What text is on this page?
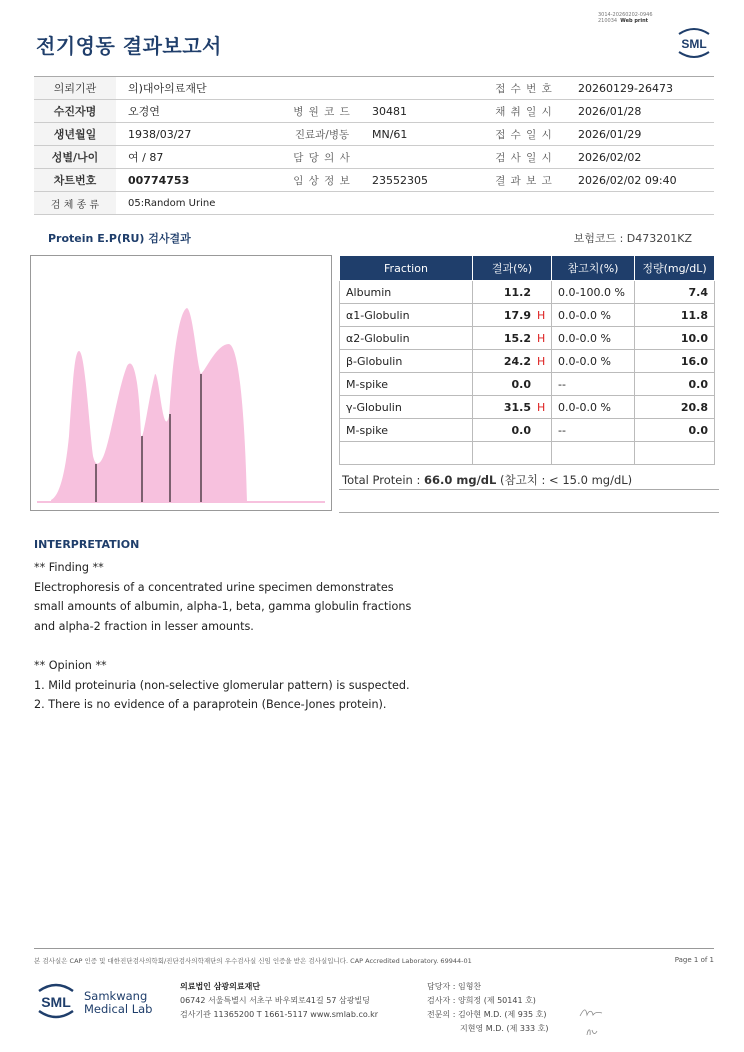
전기영동 결과보고서
3014-20260202-0946
210034 Web print
SML
의뢰기관	의)대아의료재단			접 수 번 호	20260129-26473
수진자명	오경연	병 원 코 드	30481	채 취 일 시	2026/01/28
생년월일	1938/03/27	진료과/병동	MN/61	접 수 일 시	2026/01/29
성별/나이	여 / 87	담 당 의 사		검 사 일 시	2026/02/02
차트번호	00774753	임 상 정 보	23552305	결 과 보 고	2026/02/02 09:40
검 체 종 류	05:Random Urine				
Protein E.P(RU) 검사결과	보험코드 : D473201KZ
Fraction	결과(%)	참고치(%)	정량(mg/dL)
Albumin	11.2	0.0-100.0 %	7.4
α1-Globulin	17.9 H	0.0-0.0 %	11.8
α2-Globulin	15.2 H	0.0-0.0 %	10.0
β-Globulin	24.2 H	0.0-0.0 %	16.0
M-spike	0.0	--	0.0
γ-Globulin	31.5 H	0.0-0.0 %	20.8
M-spike	0.0	--	0.0

Total Protein : 66.0 mg/dL (참고치 : < 15.0 mg/dL)
INTERPRETATION
** Finding **
Electrophoresis of a concentrated urine specimen demonstrates
small amounts of albumin, alpha-1, beta, gamma globulin fractions
and alpha-2 fraction in lesser amounts.

** Opinion **
1. Mild proteinuria (non-selective glomerular pattern) is suspected.
2. There is no evidence of a paraprotein (Bence-Jones protein).
본 검사실은 CAP 인증 및 대한진단검사의학회/진단검사의학재단의 우수검사실 신임 인증을 받은 검사실입니다. CAP Accredited Laboratory. 69944-01	Page 1 of 1
SML Samkwang
Medical Lab
의료법인 삼광의료재단
06742 서울특별시 서초구 바우뫼로41길 57 삼광빌딩
검사기관 11365200 T 1661-5117 www.smlab.co.kr
담당자 : 임형찬
검사자 : 양희정 (제 50141 호)
전문의 : 김아현 M.D. (제 935 호)
지현영 M.D. (제 333 호)
